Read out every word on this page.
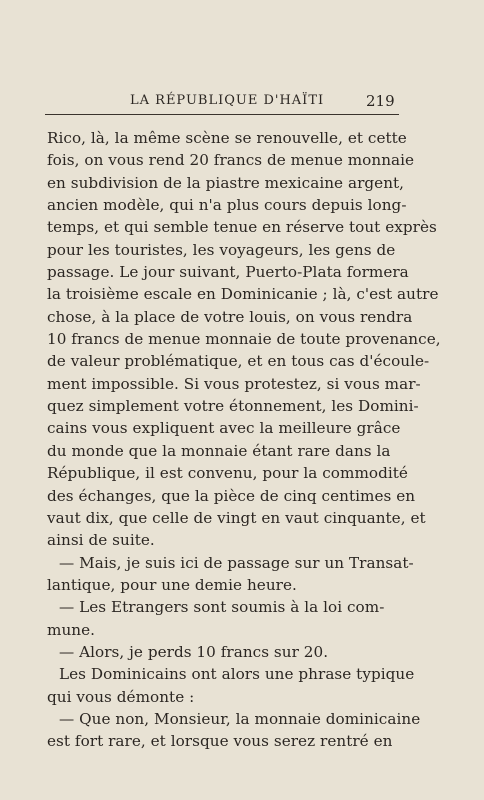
LA RÉPUBLIQUE D'HAÏTI	219
Rico, là, la même scène se renouvelle, et cette
fois, on vous rend 20 francs de menue monnaie
en subdivision de la piastre mexicaine argent,
ancien modèle, qui n'a plus cours depuis long-
temps, et qui semble tenue en réserve tout exprès
pour les touristes, les voyageurs, les gens de
passage. Le jour suivant, Puerto-Plata formera
la troisième escale en Dominicanie ; là, c'est autre
chose, à la place de votre louis, on vous rendra
10 francs de menue monnaie de toute provenance,
de valeur problématique, et en tous cas d'écoule-
ment impossible. Si vous protestez, si vous mar-
quez simplement votre étonnement, les Domini-
cains vous expliquent avec la meilleure grâce
du monde que la monnaie étant rare dans la
République, il est convenu, pour la commodité
des échanges, que la pièce de cinq centimes en
vaut dix, que celle de vingt en vaut cinquante, et
ainsi de suite.
— Mais, je suis ici de passage sur un Transat-
lantique, pour une demie heure.
— Les Etrangers sont soumis à la loi com-
mune.
— Alors, je perds 10 francs sur 20.
Les Dominicains ont alors une phrase typique
qui vous démonte :
— Que non, Monsieur, la monnaie dominicaine
est fort rare, et lorsque vous serez rentré en
